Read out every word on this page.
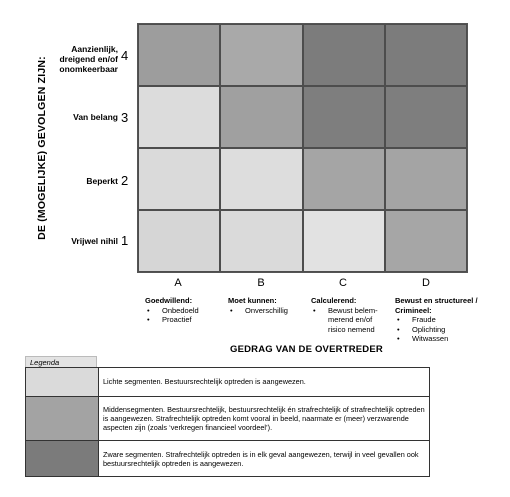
DE (MOGELIJKE) GEVOLGEN ZIJN:
Aanzienlijk,
dreigend en/of
onomkeerbaar
4
Van belang 3
Beperkt 2
Vrijwel nihil 1
A	B	C	D
Goedwillend:
• Onbedoeld
• Proactief
Moet kunnen:
• Onverschillig
Calculerend:
• Bewust belem- merend en/of risico nemend
Bewust en structureel / Crimineel:
• Fraude
• Oplichting
• Witwassen
GEDRAG VAN DE OVERTREDER
Legenda
Lichte segmenten. Bestuursrechtelijk optreden is aangewezen.
Middensegmenten. Bestuursrechtelijk, bestuursrechtelijk én strafrechtelijk of strafrechtelijk optreden is aangewezen. Strafrechtelijk optreden komt vooral in beeld, naarmate er (meer) verzwarende aspecten zijn (zoals ‘verkregen financieel voordeel’).
Zware segmenten. Strafrechtelijk optreden is in elk geval aangewezen, terwijl in veel gevallen ook bestuursrechtelijk optreden is aangewezen.
